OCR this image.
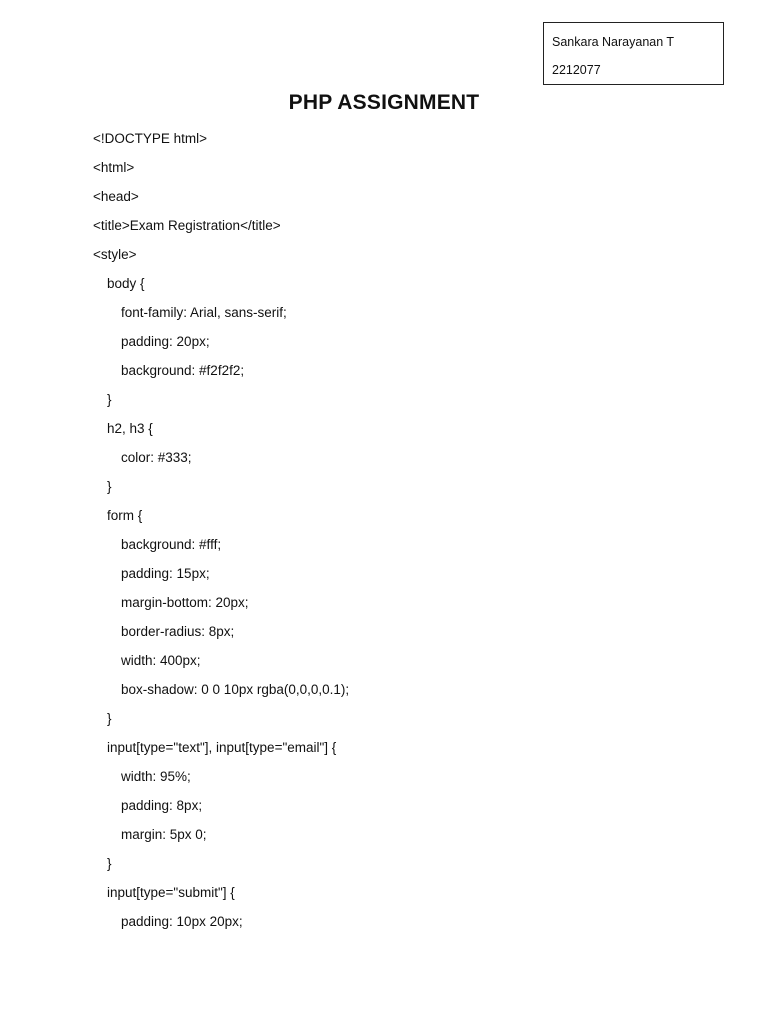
Sankara Narayanan T
2212077
PHP ASSIGNMENT
<!DOCTYPE html>
<html>
<head>
<title>Exam Registration</title>
<style>
body {
font-family: Arial, sans-serif;
padding: 20px;
background: #f2f2f2;
}
h2, h3 {
color: #333;
}
form {
background: #fff;
padding: 15px;
margin-bottom: 20px;
border-radius: 8px;
width: 400px;
box-shadow: 0 0 10px rgba(0,0,0,0.1);
}
input[type="text"], input[type="email"] {
width: 95%;
padding: 8px;
margin: 5px 0;
}
input[type="submit"] {
padding: 10px 20px;
